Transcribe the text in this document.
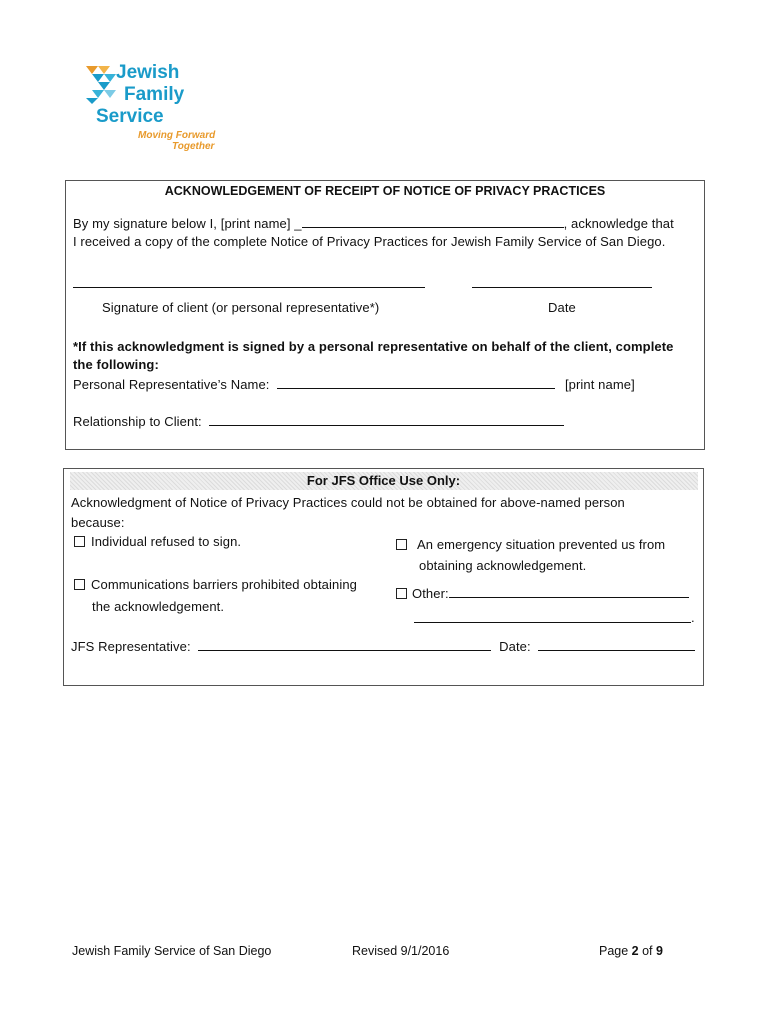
Jewish
Family
Service
Moving Forward
Together
ACKNOWLEDGEMENT OF RECEIPT OF NOTICE OF PRIVACY PRACTICES
By my signature below I, [print name] _	, acknowledge that
I received a copy of the complete Notice of Privacy Practices for Jewish Family Service of San Diego.
Signature of client (or personal representative*)	Date
*If this acknowledgment is signed by a personal representative on behalf of the client, complete the following:
Personal Representative’s Name:	[print name]
Relationship to Client:
For JFS Office Use Only:
Acknowledgment of Notice of Privacy Practices could not be obtained for above-named person because:
Individual refused to sign.	An emergency situation prevented us from
obtaining acknowledgement.
Communications barriers prohibited obtaining
the acknowledgement.
Other:
.
JFS Representative:	Date:
Jewish Family Service of San Diego	Revised 9/1/2016	Page 2 of 9
